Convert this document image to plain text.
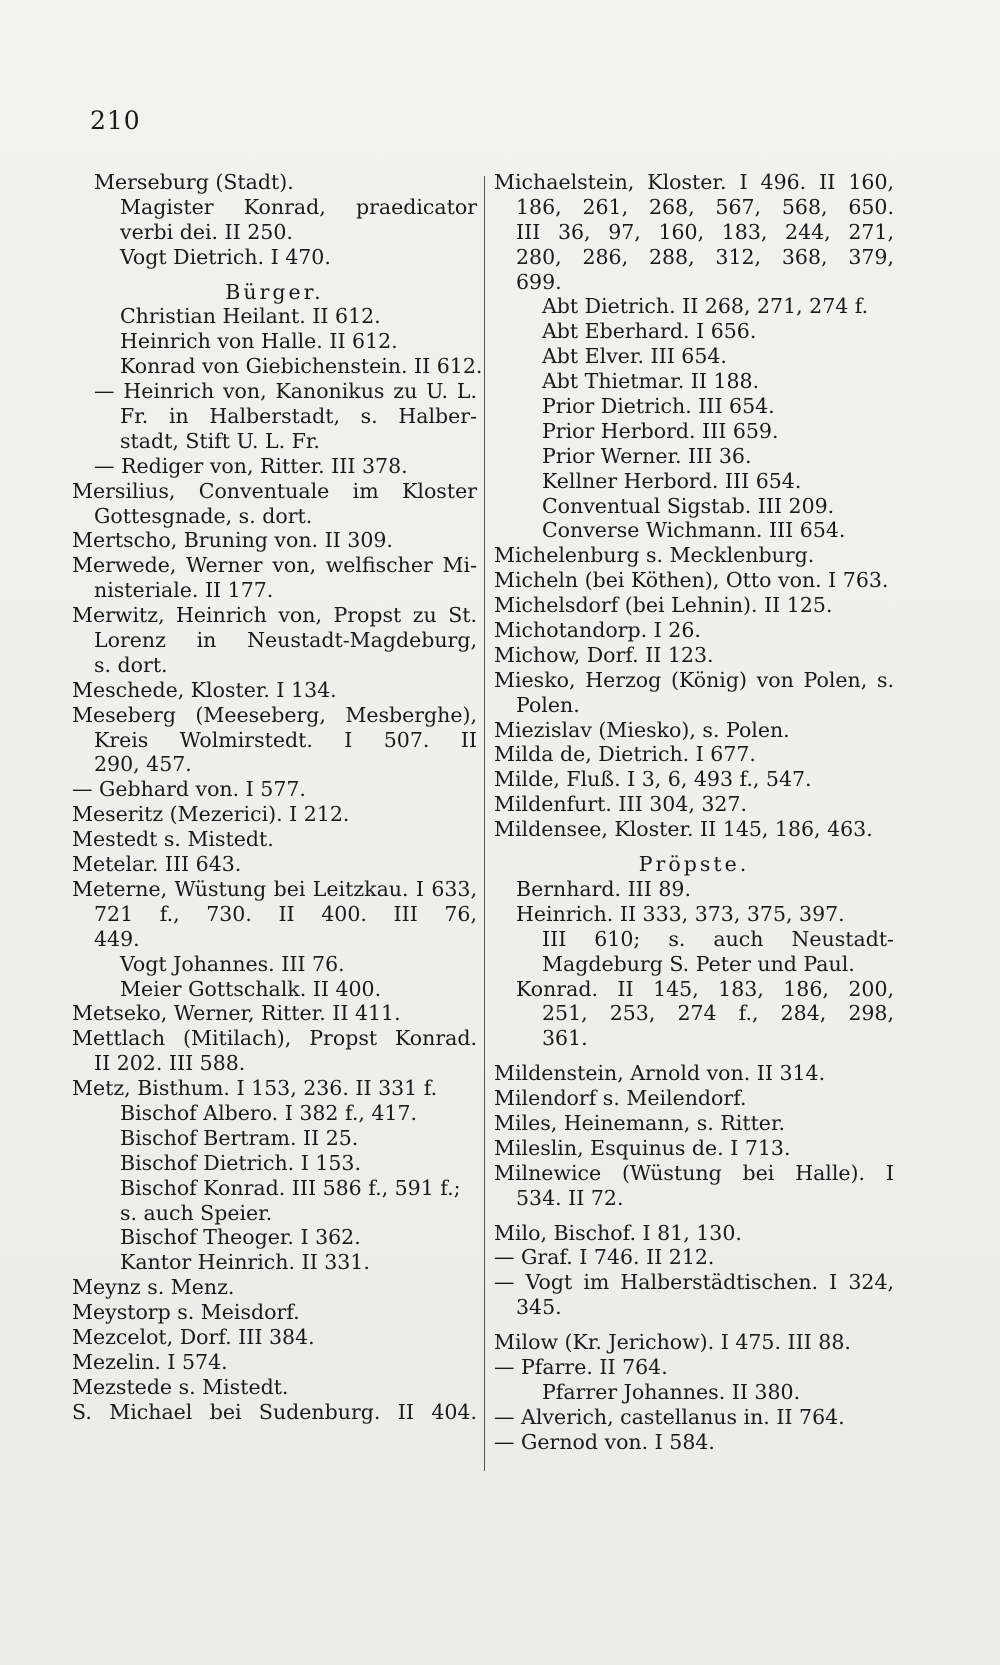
210
Merseburg (Stadt).
Magister Konrad, praedicator
verbi dei. II 250.
Vogt Dietrich. I 470.
Bürger.
Christian Heilant. II 612.
Heinrich von Halle. II 612.
Konrad von Giebichenstein. II 612.
— Heinrich von, Kanonikus zu U. L.
Fr. in Halberstadt, s. Halber-
stadt, Stift U. L. Fr.
— Rediger von, Ritter. III 378.
Mersilius, Conventuale im Kloster
Gottesgnade, s. dort.
Mertscho, Bruning von. II 309.
Merwede, Werner von, welfischer Mi-
nisteriale. II 177.
Merwitz, Heinrich von, Propst zu St.
Lorenz in Neustadt-Magdeburg,
s. dort.
Meschede, Kloster. I 134.
Meseberg (Meeseberg, Mesberghe),
Kreis Wolmirstedt. I 507. II
290, 457.
— Gebhard von. I 577.
Meseritz (Mezerici). I 212.
Mestedt s. Mistedt.
Metelar. III 643.
Meterne, Wüstung bei Leitzkau. I 633,
721 f., 730. II 400. III 76,
449.
Vogt Johannes. III 76.
Meier Gottschalk. II 400.
Metseko, Werner, Ritter. II 411.
Mettlach (Mitilach), Propst Konrad.
II 202. III 588.
Metz, Bisthum. I 153, 236. II 331 f.
Bischof Albero. I 382 f., 417.
Bischof Bertram. II 25.
Bischof Dietrich. I 153.
Bischof Konrad. III 586 f., 591 f.;
s. auch Speier.
Bischof Theoger. I 362.
Kantor Heinrich. II 331.
Meynz s. Menz.
Meystorp s. Meisdorf.
Mezcelot, Dorf. III 384.
Mezelin. I 574.
Mezstede s. Mistedt.
S. Michael bei Sudenburg. II 404.
Michaelstein, Kloster. I 496. II 160,
186, 261, 268, 567, 568, 650.
III 36, 97, 160, 183, 244, 271,
280, 286, 288, 312, 368, 379,
699.
Abt Dietrich. II 268, 271, 274 f.
Abt Eberhard. I 656.
Abt Elver. III 654.
Abt Thietmar. II 188.
Prior Dietrich. III 654.
Prior Herbord. III 659.
Prior Werner. III 36.
Kellner Herbord. III 654.
Conventual Sigstab. III 209.
Converse Wichmann. III 654.
Michelenburg s. Mecklenburg.
Micheln (bei Köthen), Otto von. I 763.
Michelsdorf (bei Lehnin). II 125.
Michotandorp. I 26.
Michow, Dorf. II 123.
Miesko, Herzog (König) von Polen, s.
Polen.
Miezislav (Miesko), s. Polen.
Milda de, Dietrich. I 677.
Milde, Fluß. I 3, 6, 493 f., 547.
Mildenfurt. III 304, 327.
Mildensee, Kloster. II 145, 186, 463.
Pröpste.
Bernhard. III 89.
Heinrich. II 333, 373, 375, 397.
III 610; s. auch Neustadt-
Magdeburg S. Peter und Paul.
Konrad. II 145, 183, 186, 200,
251, 253, 274 f., 284, 298,
361.
Mildenstein, Arnold von. II 314.
Milendorf s. Meilendorf.
Miles, Heinemann, s. Ritter.
Mileslin, Esquinus de. I 713.
Milnewice (Wüstung bei Halle). I
534. II 72.
Milo, Bischof. I 81, 130.
— Graf. I 746. II 212.
— Vogt im Halberstädtischen. I 324,
345.
Milow (Kr. Jerichow). I 475. III 88.
— Pfarre. II 764.
Pfarrer Johannes. II 380.
— Alverich, castellanus in. II 764.
— Gernod von. I 584.
